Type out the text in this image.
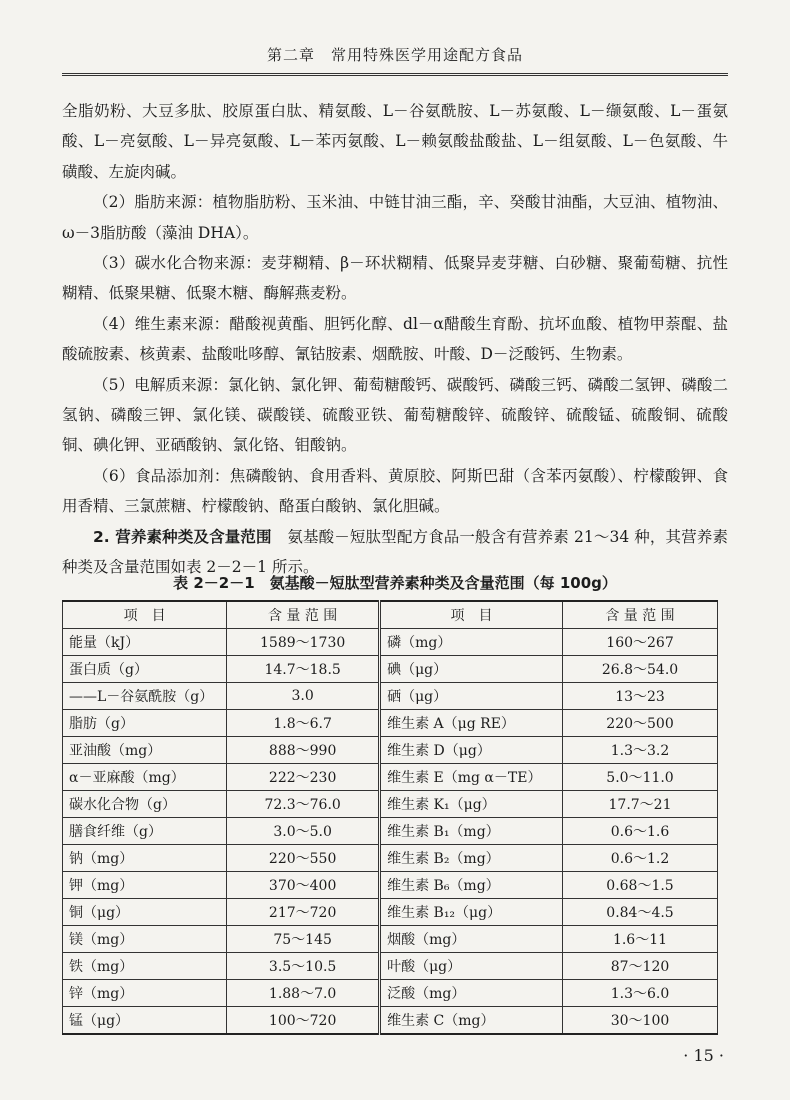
第二章　常用特殊医学用途配方食品

全脂奶粉、大豆多肽、胶原蛋白肽、精氨酸、L－谷氨酰胺、L－苏氨酸、L－缬氨酸、L－蛋氨酸、L－亮氨酸、L－异亮氨酸、L－苯丙氨酸、L－赖氨酸盐酸盐、L－组氨酸、L－色氨酸、牛磺酸、左旋肉碱。

（2）脂肪来源：植物脂肪粉、玉米油、中链甘油三酯，辛、癸酸甘油酯，大豆油、植物油、ω－3脂肪酸（藻油 DHA）。

（3）碳水化合物来源：麦芽糊精、β－环状糊精、低聚异麦芽糖、白砂糖、聚葡萄糖、抗性糊精、低聚果糖、低聚木糖、酶解燕麦粉。

（4）维生素来源：醋酸视黄酯、胆钙化醇、dl－α醋酸生育酚、抗坏血酸、植物甲萘醌、盐酸硫胺素、核黄素、盐酸吡哆醇、氰钴胺素、烟酰胺、叶酸、D－泛酸钙、生物素。

（5）电解质来源：氯化钠、氯化钾、葡萄糖酸钙、碳酸钙、磷酸三钙、磷酸二氢钾、磷酸二氢钠、磷酸三钾、氯化镁、碳酸镁、硫酸亚铁、葡萄糖酸锌、硫酸锌、硫酸锰、硫酸铜、硫酸铜、碘化钾、亚硒酸钠、氯化铬、钼酸钠。

（6）食品添加剂：焦磷酸钠、食用香料、黄原胶、阿斯巴甜（含苯丙氨酸）、柠檬酸钾、食用香精、三氯蔗糖、柠檬酸钠、酪蛋白酸钠、氯化胆碱。

2. 营养素种类及含量范围　 氨基酸－短肽型配方食品一般含有营养素 21～34 种，其营养素种类及含量范围如表 2－2－1 所示。

表 2－2－1　氨基酸－短肽型营养素种类及含量范围（每 100g）
项　目	含 量 范 围	项　目	含 量 范 围
能量（kJ）	1589～1730	磷（mg）	160～267
蛋白质（g）	14.7～18.5	碘（μg）	26.8～54.0
——L－谷氨酰胺（g）	3.0	硒（μg）	13～23
脂肪（g）	1.8～6.7	维生素 A（μg RE）	220～500
亚油酸（mg）	888～990	维生素 D（μg）	1.3～3.2
α－亚麻酸（mg）	222～230	维生素 E（mg α－TE）	5.0～11.0
碳水化合物（g）	72.3～76.0	维生素 K₁（μg）	17.7～21
膳食纤维（g）	3.0～5.0	维生素 B₁（mg）	0.6～1.6
钠（mg）	220～550	维生素 B₂（mg）	0.6～1.2
钾（mg）	370～400	维生素 B₆（mg）	0.68～1.5
铜（μg）	217～720	维生素 B₁₂（μg）	0.84～4.5
镁（mg）	75～145	烟酸（mg）	1.6～11
铁（mg）	3.5～10.5	叶酸（μg）	87～120
锌（mg）	1.88～7.0	泛酸（mg）	1.3～6.0
锰（μg）	100～720	维生素 C（mg）	30～100
· 15 ·
